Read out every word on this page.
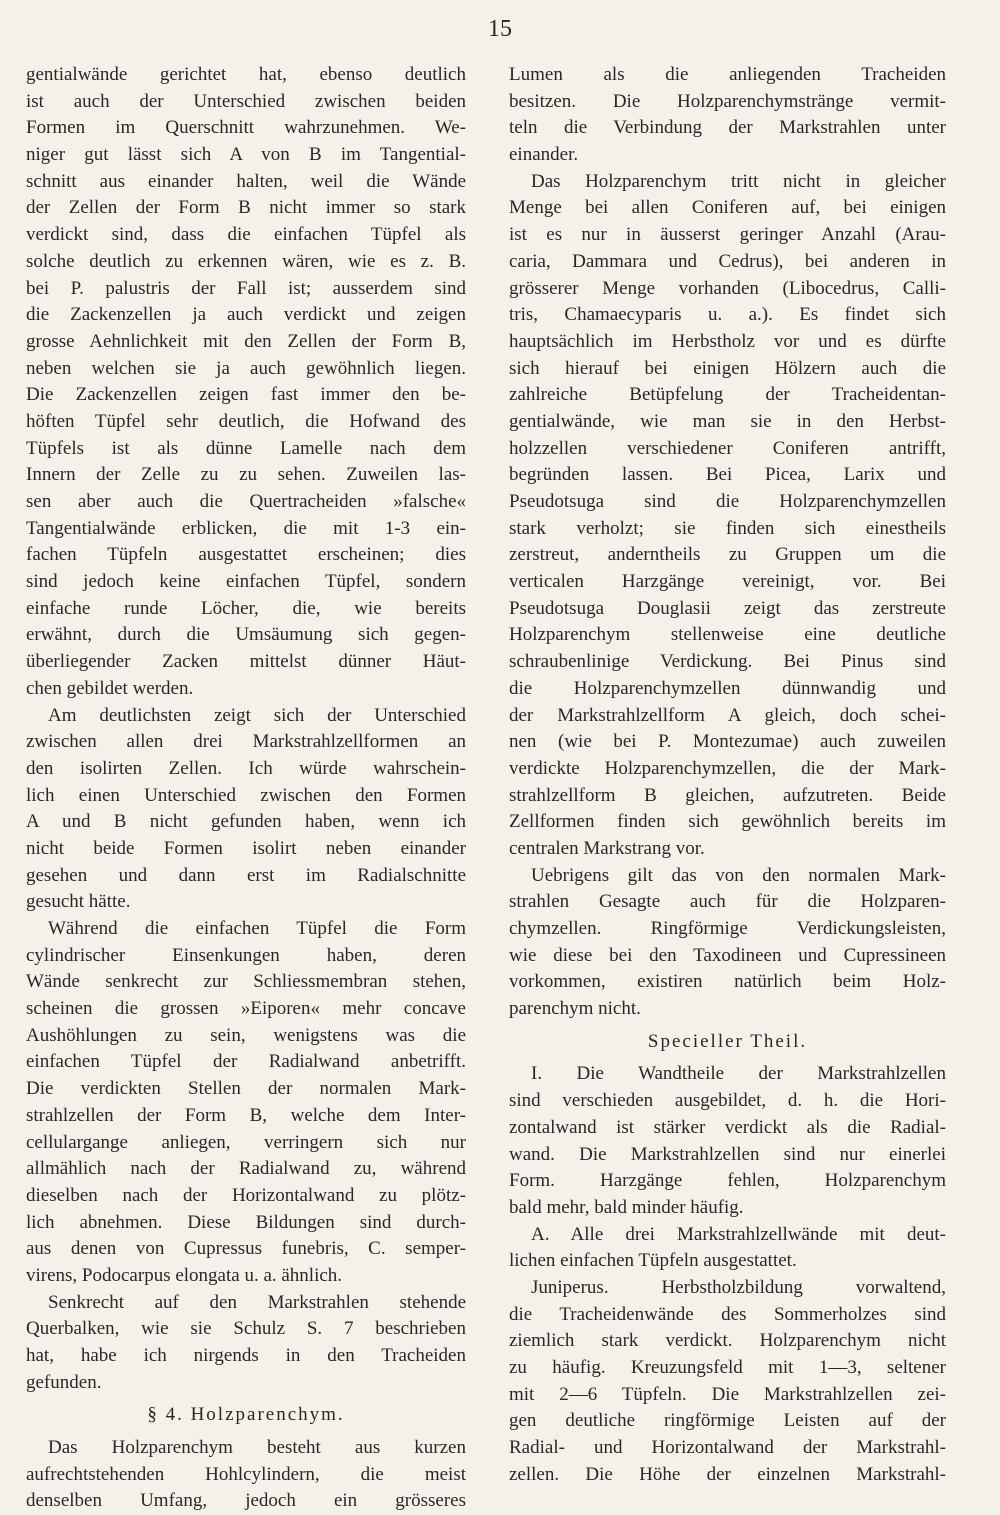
15
gentialwände gerichtet hat, ebenso deutlich
ist auch der Unterschied zwischen beiden
Formen im Querschnitt wahrzunehmen. We-
niger gut lässt sich A von B im Tangential-
schnitt aus einander halten, weil die Wände
der Zellen der Form B nicht immer so stark
verdickt sind, dass die einfachen Tüpfel als
solche deutlich zu erkennen wären, wie es z. B.
bei P. palustris der Fall ist; ausserdem sind
die Zackenzellen ja auch verdickt und zeigen
grosse Aehnlichkeit mit den Zellen der Form B,
neben welchen sie ja auch gewöhnlich liegen.
Die Zackenzellen zeigen fast immer den be-
höften Tüpfel sehr deutlich, die Hofwand des
Tüpfels ist als dünne Lamelle nach dem
Innern der Zelle zu zu sehen. Zuweilen las-
sen aber auch die Quertracheiden »falsche«
Tangentialwände erblicken, die mit 1-3 ein-
fachen Tüpfeln ausgestattet erscheinen; dies
sind jedoch keine einfachen Tüpfel, sondern
einfache runde Löcher, die, wie bereits
erwähnt, durch die Umsäumung sich gegen-
überliegender Zacken mittelst dünner Häut-
chen gebildet werden.
Am deutlichsten zeigt sich der Unterschied
zwischen allen drei Markstrahlzellformen an
den isolirten Zellen. Ich würde wahrschein-
lich einen Unterschied zwischen den Formen
A und B nicht gefunden haben, wenn ich
nicht beide Formen isolirt neben einander
gesehen und dann erst im Radialschnitte
gesucht hätte.
Während die einfachen Tüpfel die Form
cylindrischer Einsenkungen haben, deren
Wände senkrecht zur Schliessmembran stehen,
scheinen die grossen »Eiporen« mehr concave
Aushöhlungen zu sein, wenigstens was die
einfachen Tüpfel der Radialwand anbetrifft.
Die verdickten Stellen der normalen Mark-
strahlzellen der Form B, welche dem Inter-
cellulargange anliegen, verringern sich nur
allmählich nach der Radialwand zu, während
dieselben nach der Horizontalwand zu plötz-
lich abnehmen. Diese Bildungen sind durch-
aus denen von Cupressus funebris, C. semper-
virens, Podocarpus elongata u. a. ähnlich.
Senkrecht auf den Markstrahlen stehende
Querbalken, wie sie Schulz S. 7 beschrieben
hat, habe ich nirgends in den Tracheiden
gefunden.
§ 4. Holzparenchym.
Das Holzparenchym besteht aus kurzen
aufrechtstehenden Hohlcylindern, die meist
denselben Umfang, jedoch ein grösseres
Lumen als die anliegenden Tracheiden
besitzen. Die Holzparenchymstränge vermit-
teln die Verbindung der Markstrahlen unter
einander.
Das Holzparenchym tritt nicht in gleicher
Menge bei allen Coniferen auf, bei einigen
ist es nur in äusserst geringer Anzahl (Arau-
caria, Dammara und Cedrus), bei anderen in
grösserer Menge vorhanden (Libocedrus, Calli-
tris, Chamaecyparis u. a.). Es findet sich
hauptsächlich im Herbstholz vor und es dürfte
sich hierauf bei einigen Hölzern auch die
zahlreiche Betüpfelung der Tracheidentan-
gentialwände, wie man sie in den Herbst-
holzzellen verschiedener Coniferen antrifft,
begründen lassen. Bei Picea, Larix und
Pseudotsuga sind die Holzparenchymzellen
stark verholzt; sie finden sich einestheils
zerstreut, anderntheils zu Gruppen um die
verticalen Harzgänge vereinigt, vor. Bei
Pseudotsuga Douglasii zeigt das zerstreute
Holzparenchym stellenweise eine deutliche
schraubenlinige Verdickung. Bei Pinus sind
die Holzparenchymzellen dünnwandig und
der Markstrahlzellform A gleich, doch schei-
nen (wie bei P. Montezumae) auch zuweilen
verdickte Holzparenchymzellen, die der Mark-
strahlzellform B gleichen, aufzutreten. Beide
Zellformen finden sich gewöhnlich bereits im
centralen Markstrang vor.
Uebrigens gilt das von den normalen Mark-
strahlen Gesagte auch für die Holzparen-
chymzellen. Ringförmige Verdickungsleisten,
wie diese bei den Taxodineen und Cupressineen
vorkommen, existiren natürlich beim Holz-
parenchym nicht.
Specieller Theil.
I. Die Wandtheile der Markstrahlzellen
sind verschieden ausgebildet, d. h. die Hori-
zontalwand ist stärker verdickt als die Radial-
wand. Die Markstrahlzellen sind nur einerlei
Form. Harzgänge fehlen, Holzparenchym
bald mehr, bald minder häufig.
A. Alle drei Markstrahlzellwände mit deut-
lichen einfachen Tüpfeln ausgestattet.
Juniperus. Herbstholzbildung vorwaltend,
die Tracheidenwände des Sommerholzes sind
ziemlich stark verdickt. Holzparenchym nicht
zu häufig. Kreuzungsfeld mit 1—3, seltener
mit 2—6 Tüpfeln. Die Markstrahlzellen zei-
gen deutliche ringförmige Leisten auf der
Radial- und Horizontalwand der Markstrahl-
zellen. Die Höhe der einzelnen Markstrahl-
